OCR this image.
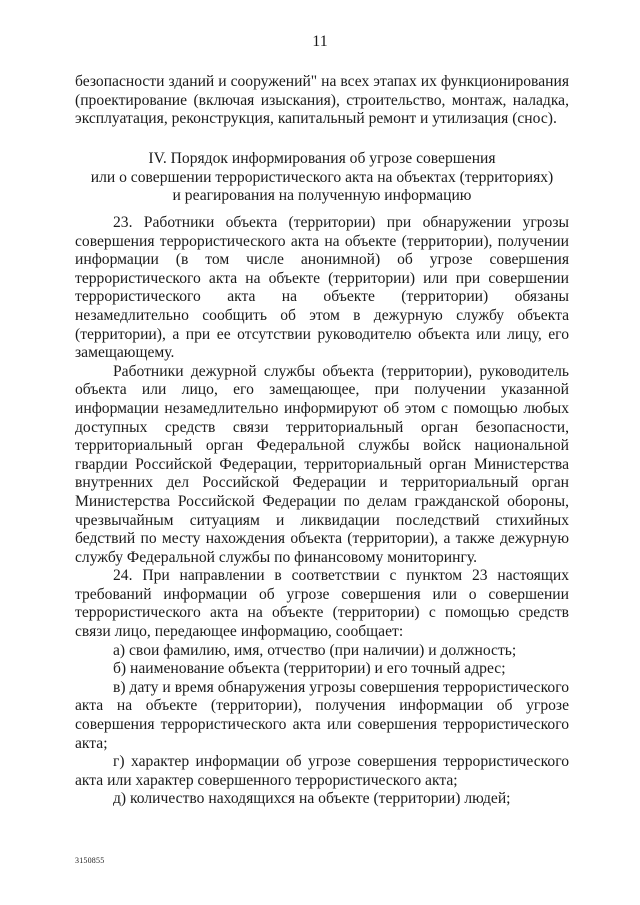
11

безопасности зданий и сооружений" на всех этапах их функционирования (проектирование (включая изыскания), строительство, монтаж, наладка, эксплуатация, реконструкция, капитальный ремонт и утилизация (снос).

IV. Порядок информирования об угрозе совершения
или о совершении террористического акта на объектах (территориях)
и реагирования на полученную информацию

23. Работники объекта (территории) при обнаружении угрозы совершения террористического акта на объекте (территории), получении информации (в том числе анонимной) об угрозе совершения террористического акта на объекте (территории) или при совершении террористического акта на объекте (территории) обязаны незамедлительно сообщить об этом в дежурную службу объекта (территории), а при ее отсутствии руководителю объекта или лицу, его замещающему.

Работники дежурной службы объекта (территории), руководитель объекта или лицо, его замещающее, при получении указанной информации незамедлительно информируют об этом с помощью любых доступных средств связи территориальный орган безопасности, территориальный орган Федеральной службы войск национальной гвардии Российской Федерации, территориальный орган Министерства внутренних дел Российской Федерации и территориальный орган Министерства Российской Федерации по делам гражданской обороны, чрезвычайным ситуациям и ликвидации последствий стихийных бедствий по месту нахождения объекта (территории), а также дежурную службу Федеральной службы по финансовому мониторингу.

24. При направлении в соответствии с пунктом 23 настоящих требований информации об угрозе совершения или о совершении террористического акта на объекте (территории) с помощью средств связи лицо, передающее информацию, сообщает:

а) свои фамилию, имя, отчество (при наличии) и должность;

б) наименование объекта (территории) и его точный адрес;

в) дату и время обнаружения угрозы совершения террористического акта на объекте (территории), получения информации об угрозе совершения террористического акта или совершения террористического акта;

г) характер информации об угрозе совершения террористического акта или характер совершенного террористического акта;

д) количество находящихся на объекте (территории) людей;

3150855
